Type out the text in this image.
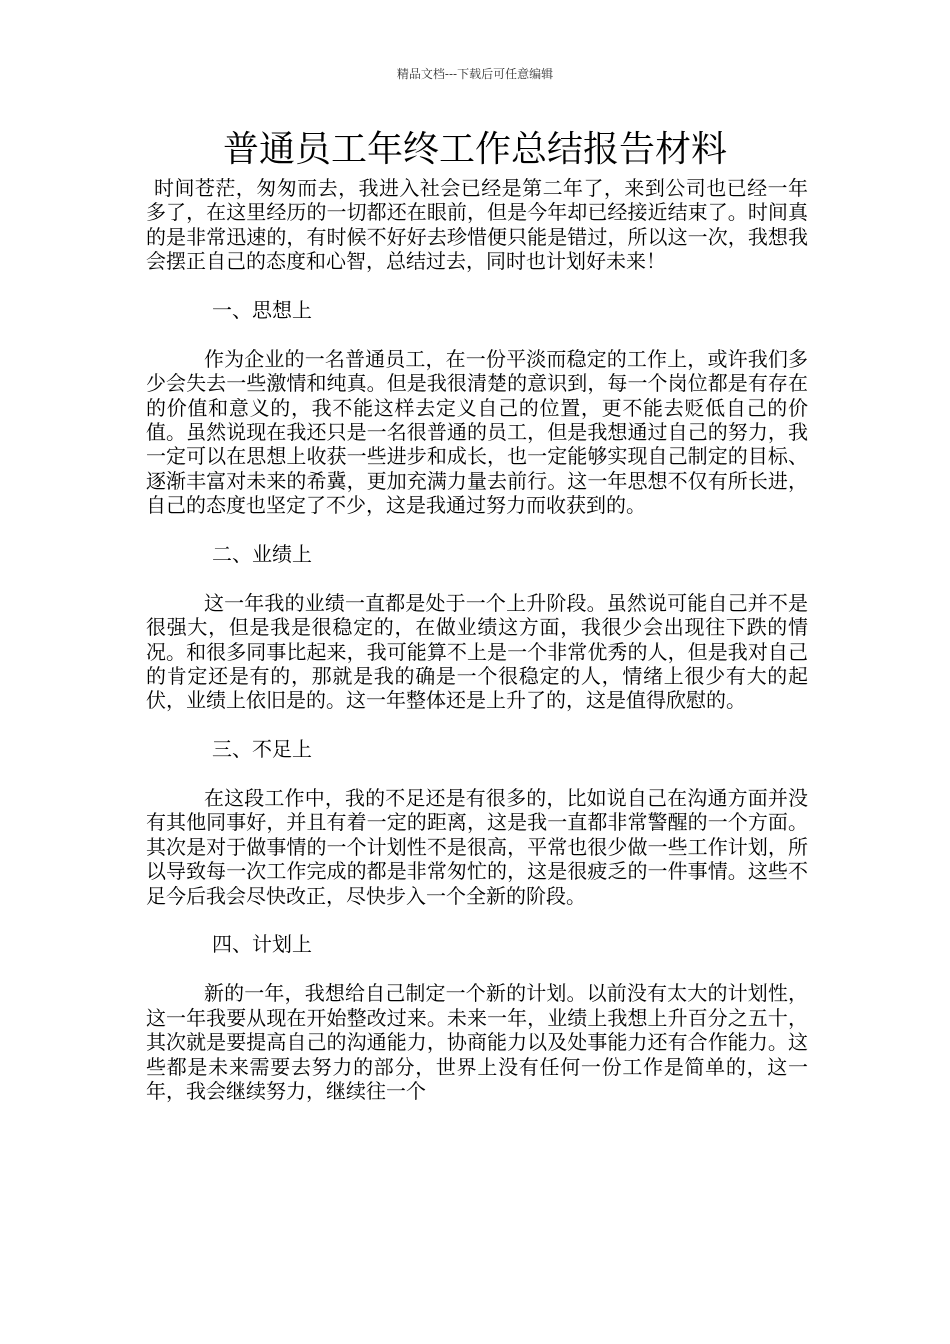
精品文档---下载后可任意编辑
普通员工年终工作总结报告材料

时间苍茫，匆匆而去，我进入社会已经是第二年了，来到公司也已经一年多了，在这里经历的一切都还在眼前，但是今年却已经接近结束了。时间真的是非常迅速的，有时候不好好去珍惜便只能是错过，所以这一次，我想我会摆正自己的态度和心智，总结过去，同时也计划好未来！

一、思想上

作为企业的一名普通员工，在一份平淡而稳定的工作上，或许我们多少会失去一些激情和纯真。但是我很清楚的意识到，每一个岗位都是有存在的价值和意义的，我不能这样去定义自己的位置，更不能去贬低自己的价值。虽然说现在我还只是一名很普通的员工，但是我想通过自己的努力，我一定可以在思想上收获一些进步和成长，也一定能够实现自己制定的目标、逐渐丰富对未来的希冀，更加充满力量去前行。这一年思想不仅有所长进，自己的态度也坚定了不少，这是我通过努力而收获到的。

二、业绩上

这一年我的业绩一直都是处于一个上升阶段。虽然说可能自己并不是很强大，但是我是很稳定的，在做业绩这方面，我很少会出现往下跌的情况。和很多同事比起来，我可能算不上是一个非常优秀的人，但是我对自己的肯定还是有的，那就是我的确是一个很稳定的人，情绪上很少有大的起伏，业绩上依旧是的。这一年整体还是上升了的，这是值得欣慰的。

三、不足上

在这段工作中，我的不足还是有很多的，比如说自己在沟通方面并没有其他同事好，并且有着一定的距离，这是我一直都非常警醒的一个方面。其次是对于做事情的一个计划性不是很高，平常也很少做一些工作计划，所以导致每一次工作完成的都是非常匆忙的，这是很疲乏的一件事情。这些不足今后我会尽快改正，尽快步入一个全新的阶段。

四、计划上

新的一年，我想给自己制定一个新的计划。以前没有太大的计划性，这一年我要从现在开始整改过来。未来一年，业绩上我想上升百分之五十，其次就是要提高自己的沟通能力，协商能力以及处事能力还有合作能力。这些都是未来需要去努力的部分，世界上没有任何一份工作是简单的，这一年，我会继续努力，继续往一个
